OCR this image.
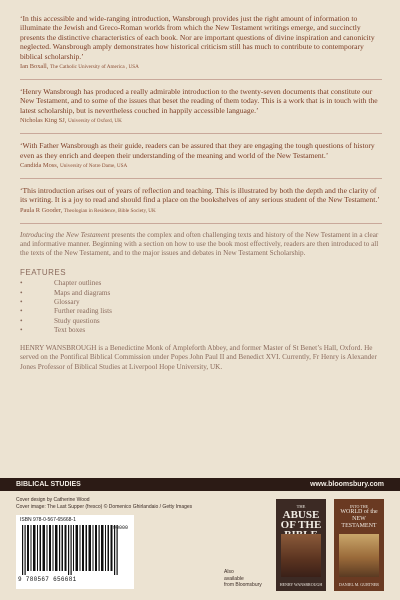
‘In this accessible and wide-ranging introduction, Wansbrough provides just the right amount of information to illuminate the Jewish and Greco-Roman worlds from which the New Testament writings emerge, and succinctly presents the distinctive characteristics of each book. Nor are important questions of divine inspiration and canonicity neglected. Wansbrough amply demonstrates how historical criticism still has much to contribute to contemporary biblical scholarship.’

Ian Boxall, The Catholic University of America , USA

‘Henry Wansbrough has produced a really admirable introduction to the twenty-seven documents that constitute our New Testament, and to some of the issues that beset the reading of them today. This is a work that is in touch with the latest scholarship, but is nevertheless couched in happily accessible language.’

Nicholas King SJ, University of Oxford, UK

‘With Father Wansbrough as their guide, readers can be assured that they are engaging the tough questions of history even as they enrich and deepen their understanding of the meaning and world of the New Testament.’

Candida Moss, University of Notre Dame, USA

‘This introduction arises out of years of reflection and teaching. This is illustrated by both the depth and the clarity of its writing. It is a joy to read and should find a place on the bookshelves of any serious student of the New Testament.’

Paula R Gooder, Theologian in Residence, Bible Society, UK

Introducing the New Testament presents the complex and often challenging texts and history of the New Testament in a clear and informative manner. Beginning with a section on how to use the book most effectively, readers are then introduced to all the texts of the New Testament, and to the major issues and debates in New Testament Scholarship.

FEATURES
•	Chapter outlines
•	Maps and diagrams
•	Glossary
•	Further reading lists
•	Study questions
•	Text boxes

HENRY WANSBROUGH is a Benedictine Monk of Ampleforth Abbey, and former Master of St Benet’s Hall, Oxford. He served on the Pontifical Biblical Commission under Popes John Paul II and Benedict XVI. Currently, Fr Henry is Alexander Jones Professor of Biblical Studies at Liverpool Hope University, UK.

BIBLICAL STUDIES	www.bloomsbury.com
Cover design by Catherine Wood
Cover image: The Last Supper (fresco) © Domenico Ghirlandaio / Getty Images
ISBN 978-0-567-65668-1
90000
9 780567 656681
Also
available
from Bloomsbury
THE
ABUSE OF THE
HENRY WANSBROUGH
INTO THE
WORLD of the NEW TESTAMENT
DANIEL M. GURTNER
